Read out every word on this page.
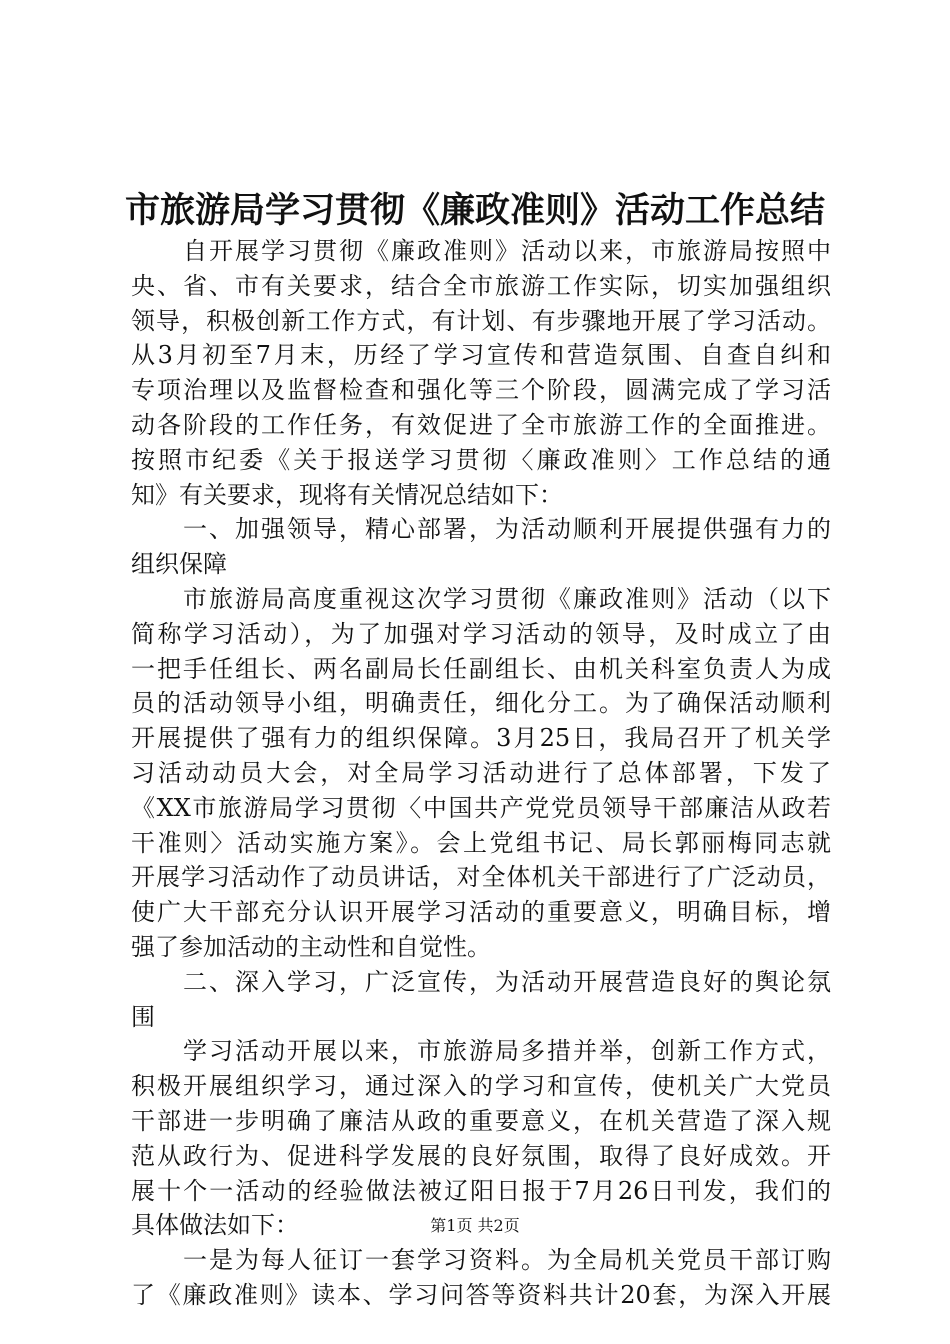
市旅游局学习贯彻《廉政准则》活动工作总结
自开展学习贯彻《廉政准则》活动以来，市旅游局按照中
央、省、市有关要求，结合全市旅游工作实际，切实加强组织
领导，积极创新工作方式，有计划、有步骤地开展了学习活动。
从3月初至7月末，历经了学习宣传和营造氛围、自查自纠和
专项治理以及监督检查和强化等三个阶段，圆满完成了学习活
动各阶段的工作任务，有效促进了全市旅游工作的全面推进。
按照市纪委《关于报送学习贯彻〈廉政准则〉工作总结的通
知》有关要求，现将有关情况总结如下：
一、加强领导，精心部署，为活动顺利开展提供强有力的
组织保障
市旅游局高度重视这次学习贯彻《廉政准则》活动（以下
简称学习活动），为了加强对学习活动的领导，及时成立了由
一把手任组长、两名副局长任副组长、由机关科室负责人为成
员的活动领导小组，明确责任，细化分工。为了确保活动顺利
开展提供了强有力的组织保障。3月25日，我局召开了机关学
习活动动员大会，对全局学习活动进行了总体部署，下发了
《XX市旅游局学习贯彻〈中国共产党党员领导干部廉洁从政若
干准则〉活动实施方案》。会上党组书记、局长郭丽梅同志就
开展学习活动作了动员讲话，对全体机关干部进行了广泛动员，
使广大干部充分认识开展学习活动的重要意义，明确目标，增
强了参加活动的主动性和自觉性。
二、深入学习，广泛宣传，为活动开展营造良好的舆论氛
围
学习活动开展以来，市旅游局多措并举，创新工作方式，
积极开展组织学习，通过深入的学习和宣传，使机关广大党员
干部进一步明确了廉洁从政的重要意义，在机关营造了深入规
范从政行为、促进科学发展的良好氛围，取得了良好成效。开
展十个一活动的经验做法被辽阳日报于7月26日刊发，我们的
具体做法如下：
一是为每人征订一套学习资料。为全局机关党员干部订购
了《廉政准则》读本、学习问答等资料共计20套，为深入开展
第1页 共2页
